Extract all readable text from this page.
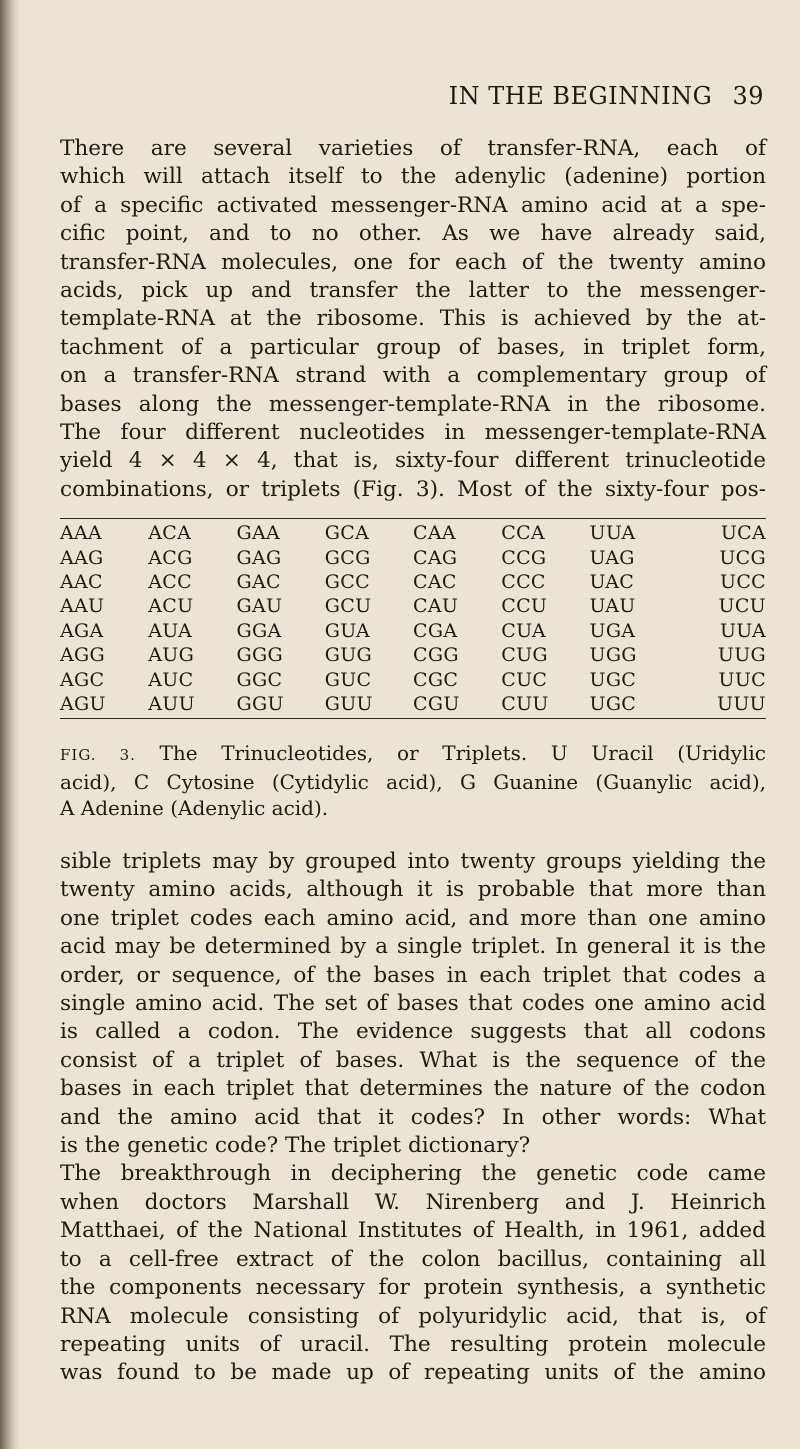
IN THE BEGINNING 39
There are several varieties of transfer-RNA, each of
which will attach itself to the adenylic (adenine) portion
of a specific activated messenger-RNA amino acid at a spe-
cific point, and to no other. As we have already said,
transfer-RNA molecules, one for each of the twenty amino
acids, pick up and transfer the latter to the messenger-
template-RNA at the ribosome. This is achieved by the at-
tachment of a particular group of bases, in triplet form,
on a transfer-RNA strand with a complementary group of
bases along the messenger-template-RNA in the ribosome.
The four different nucleotides in messenger-template-RNA
yield 4 × 4 × 4, that is, sixty-four different trinucleotide
combinations, or triplets (Fig. 3). Most of the sixty-four pos-
AAA	ACA	GAA	GCA	CAA	CCA	UUA	UCA
AAG	ACG	GAG	GCG	CAG	CCG	UAG	UCG
AAC	ACC	GAC	GCC	CAC	CCC	UAC	UCC
AAU	ACU	GAU	GCU	CAU	CCU	UAU	UCU
AGA	AUA	GGA	GUA	CGA	CUA	UGA	UUA
AGG	AUG	GGG	GUG	CGG	CUG	UGG	UUG
AGC	AUC	GGC	GUC	CGC	CUC	UGC	UUC
AGU	AUU	GGU	GUU	CGU	CUU	UGC	UUU
FIG. 3. The Trinucleotides, or Triplets. U Uracil (Uridylic
acid), C Cytosine (Cytidylic acid), G Guanine (Guanylic acid),
A Adenine (Adenylic acid).
sible triplets may by grouped into twenty groups yielding the
twenty amino acids, although it is probable that more than
one triplet codes each amino acid, and more than one amino
acid may be determined by a single triplet. In general it is the
order, or sequence, of the bases in each triplet that codes a
single amino acid. The set of bases that codes one amino acid
is called a codon. The evidence suggests that all codons
consist of a triplet of bases. What is the sequence of the
bases in each triplet that determines the nature of the codon
and the amino acid that it codes? In other words: What
is the genetic code? The triplet dictionary?
The breakthrough in deciphering the genetic code came
when doctors Marshall W. Nirenberg and J. Heinrich
Matthaei, of the National Institutes of Health, in 1961, added
to a cell-free extract of the colon bacillus, containing all
the components necessary for protein synthesis, a synthetic
RNA molecule consisting of polyuridylic acid, that is, of
repeating units of uracil. The resulting protein molecule
was found to be made up of repeating units of the amino
